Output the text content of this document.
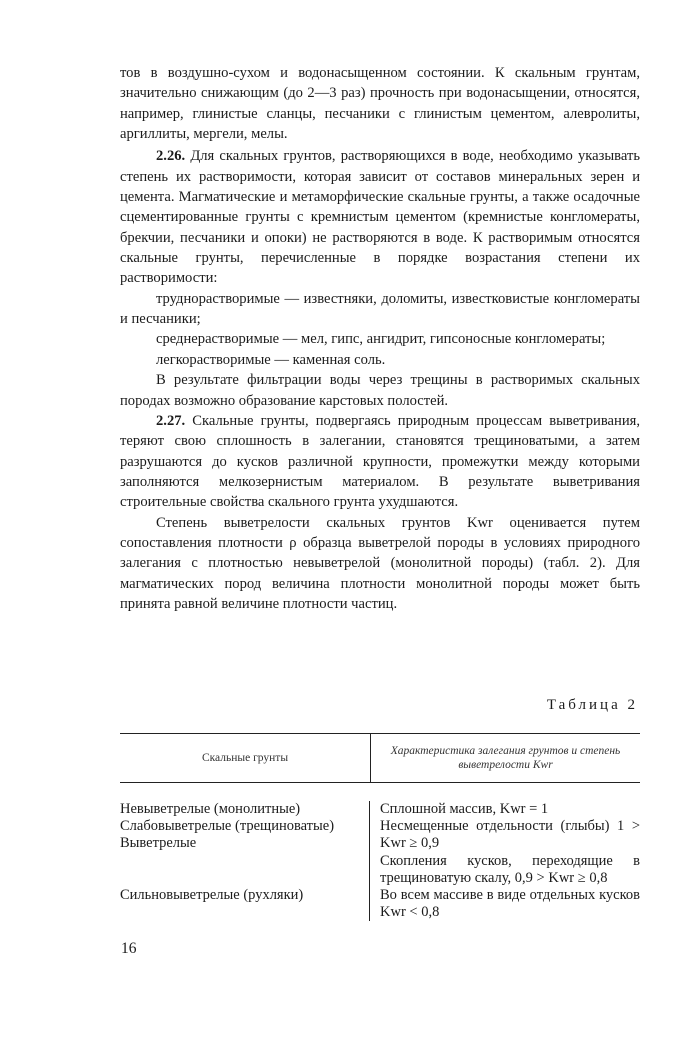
тов в воздушно-сухом и водонасыщенном состоянии. К скальным грунтам, значительно снижающим (до 2—3 раз) прочность при водонасыщении, относятся, например, глинистые сланцы, песчаники с глинистым цементом, алевролиты, аргиллиты, мергели, мелы.

2.26. Для скальных грунтов, растворяющихся в воде, необходимо указывать степень их растворимости, которая зависит от составов минеральных зерен и цемента. Магматические и метаморфические скальные грунты, а также осадочные сцементированные грунты с кремнистым цементом (кремнистые конгломераты, брекчии, песчаники и опоки) не растворяются в воде. К растворимым относятся скальные грунты, перечисленные в порядке возрастания степени их растворимости:

труднорастворимые — известняки, доломиты, известковистые конгломераты и песчаники;

среднерастворимые — мел, гипс, ангидрит, гипсоносные конгломераты;

легкорастворимые — каменная соль.

В результате фильтрации воды через трещины в растворимых скальных породах возможно образование карстовых полостей.

2.27. Скальные грунты, подвергаясь природным процессам выветривания, теряют свою сплошность в залегании, становятся трещиноватыми, а затем разрушаются до кусков различной крупности, промежутки между которыми заполняются мелкозернистым материалом. В результате выветривания строительные свойства скального грунта ухудшаются.

Степень выветрелости скальных грунтов Kwr оценивается путем сопоставления плотности ρ образца выветрелой породы в условиях природного залегания с плотностью невыветрелой (монолитной породы) (табл. 2). Для магматических пород величина плотности монолитной породы может быть принята равной величине плотности частиц.

Таблица 2
Скальные грунты
Характеристика залегания грунтов и степень выветрелости Kwr
Невыветрелые (монолитные)
Слабовыветрелые (трещиноватые)
Выветрелые
Сильновыветрелые (рухляки)
Сплошной массив, Kwr = 1
Несмещенные отдельности (глыбы) 1 > Kwr ≥ 0,9
Скопления кусков, переходящие в трещиноватую скалу, 0,9 > Kwr ≥ 0,8
Во всем массиве в виде отдельных кусков Kwr < 0,8
16
